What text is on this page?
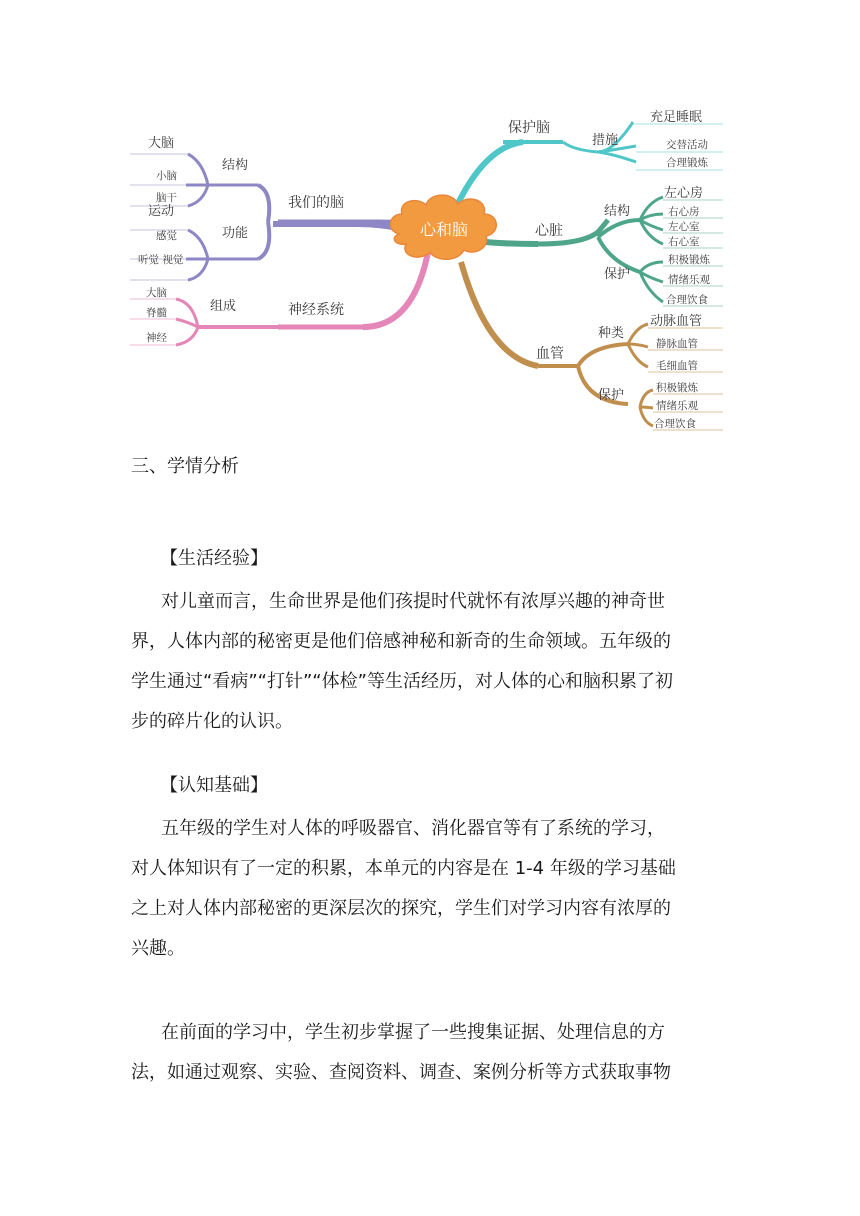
心和脑
我们的脑
结构
大脑
小脑
脑干
功能
运动
感觉
听觉 视觉
神经系统
组成
大脑
脊髓
神经
保护脑
措施
充足睡眠
交替活动
合理锻炼
心脏
结构
左心房
右心房
左心室
右心室
保护
积极锻炼
情绪乐观
合理饮食
血管
种类
动脉血管
静脉血管
毛细血管
保护	积极锻炼
情绪乐观
合理饮食
三、学情分析
【生活经验】

对儿童而言，生命世界是他们孩提时代就怀有浓厚兴趣的神奇世
界，人体内部的秘密更是他们倍感神秘和新奇的生命领域。五年级的
学生通过“看病”“打针”“体检”等生活经历，对人体的心和脑积累了初
步的碎片化的认识。

【认知基础】

五年级的学生对人体的呼吸器官、消化器官等有了系统的学习，
对人体知识有了一定的积累，本单元的内容是在 1-4 年级的学习基础
之上对人体内部秘密的更深层次的探究，学生们对学习内容有浓厚的
兴趣。

在前面的学习中，学生初步掌握了一些搜集证据、处理信息的方
法，如通过观察、实验、查阅资料、调查、案例分析等方式获取事物
